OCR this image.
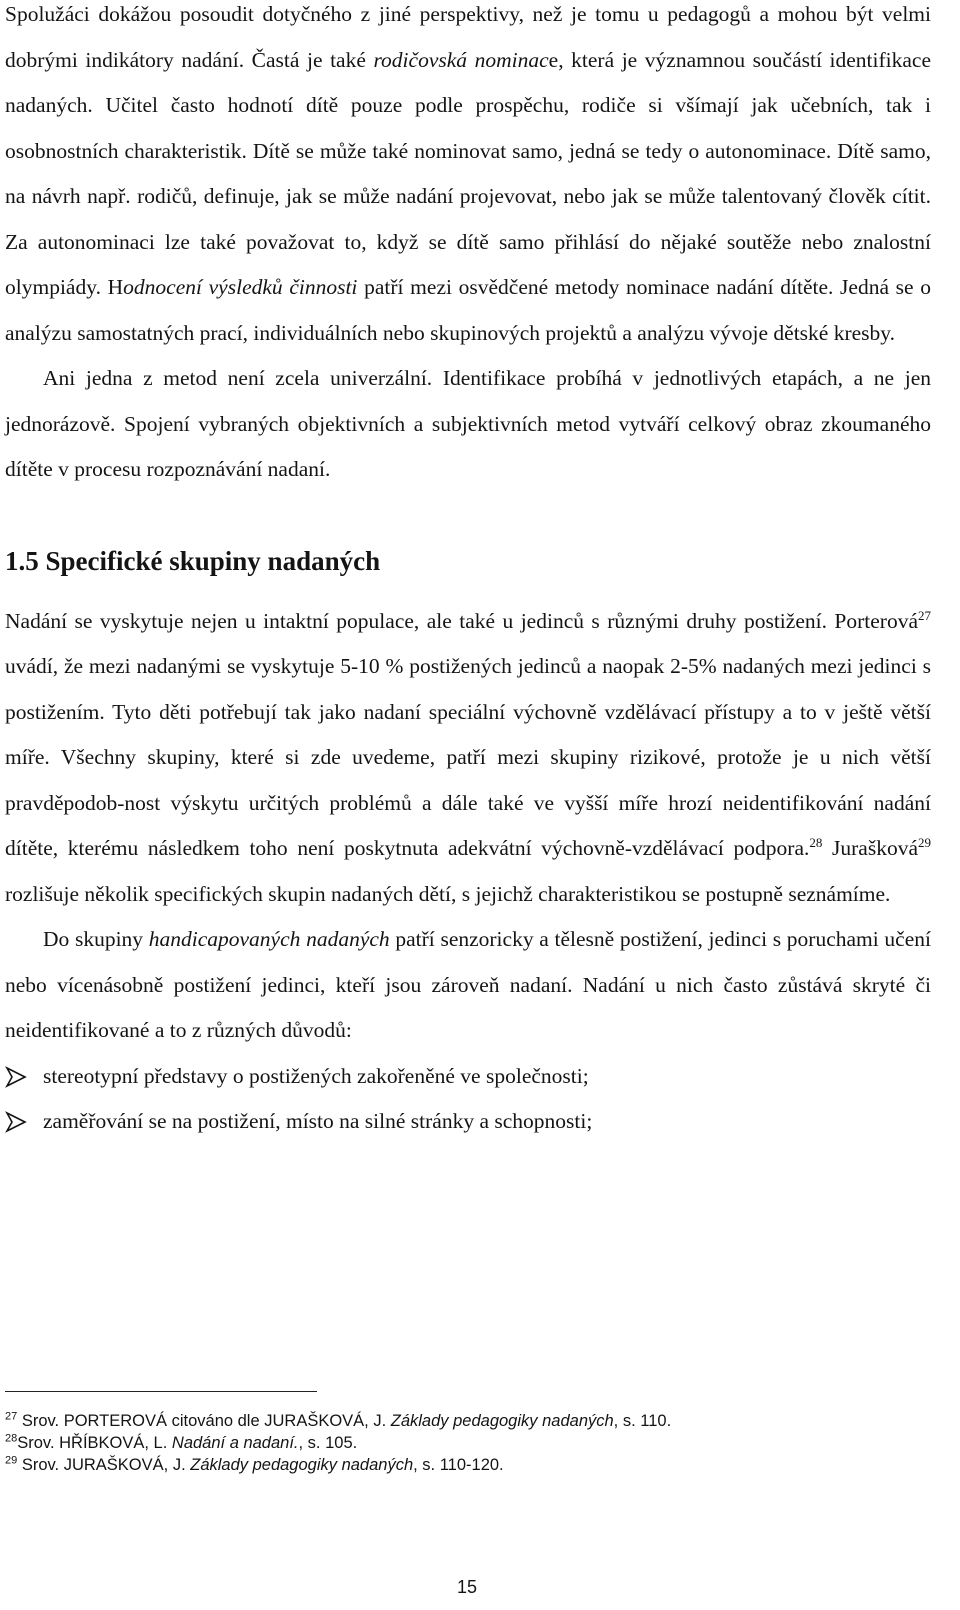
Spolužáci dokážou posoudit dotyčného z jiné perspektivy, než je tomu u pedagogů a mohou být velmi dobrými indikátory nadání. Častá je také rodičovská nominace, která je významnou součástí identifikace nadaných. Učitel často hodnotí dítě pouze podle prospěchu, rodiče si všímají jak učebních, tak i osobnostních charakteristik. Dítě se může také nominovat samo, jedná se tedy o autonominace. Dítě samo, na návrh např. rodičů, definuje, jak se může nadání projevovat, nebo jak se může talentovaný člověk cítit. Za autonominaci lze také považovat to, když se dítě samo přihlásí do nějaké soutěže nebo znalostní olympiády. Hodnocení výsledků činnosti patří mezi osvědčené metody nominace nadání dítěte. Jedná se o analýzu samostatných prací, individuálních nebo skupinových projektů a analýzu vývoje dětské kresby.

Ani jedna z metod není zcela univerzální. Identifikace probíhá v jednotlivých etapách, a ne jen jednorázově. Spojení vybraných objektivních a subjektivních metod vytváří celkový obraz zkoumaného dítěte v procesu rozpoznávání nadaní.

1.5 Specifické skupiny nadaných

Nadání se vyskytuje nejen u intaktní populace, ale také u jedinců s různými druhy postižení. Porterová$^{27}$ uvádí, že mezi nadanými se vyskytuje 5-10 % postižených jedinců a naopak 2-5% nadaných mezi jedinci s postižením. Tyto děti potřebují tak jako nadaní speciální výchovně vzdělávací přístupy a to v ještě větší míře. Všechny skupiny, které si zde uvedeme, patří mezi skupiny rizikové, protože je u nich větší pravděpodob-nost výskytu určitých problémů a dále také ve vyšší míře hrozí neidentifikování nadání dítěte, kterému následkem toho není poskytnuta adekvátní výchovně-vzdělávací podpora.$^{28}$ Jurašková$^{29}$ rozlišuje několik specifických skupin nadaných dětí, s jejichž charakteristikou se postupně seznámíme.

Do skupiny handicapovaných nadaných patří senzoricky a tělesně postižení, jedinci s poruchami učení nebo vícenásobně postižení jedinci, kteří jsou zároveň nadaní. Nadání u nich často zůstává skryté či neidentifikované a to z různých důvodů:

stereotypní představy o postižených zakořeněné ve společnosti;
zaměřování se na postižení, místo na silné stránky a schopnosti;

$^{27}$ Srov. PORTEROVÁ citováno dle JURAŠKOVÁ, J. Základy pedagogiky nadaných, s. 110.

$^{28}$Srov. HŘÍBKOVÁ, L. Nadání a nadaní., s. 105.

$^{29}$ Srov. JURAŠKOVÁ, J. Základy pedagogiky nadaných, s. 110-120.

15
